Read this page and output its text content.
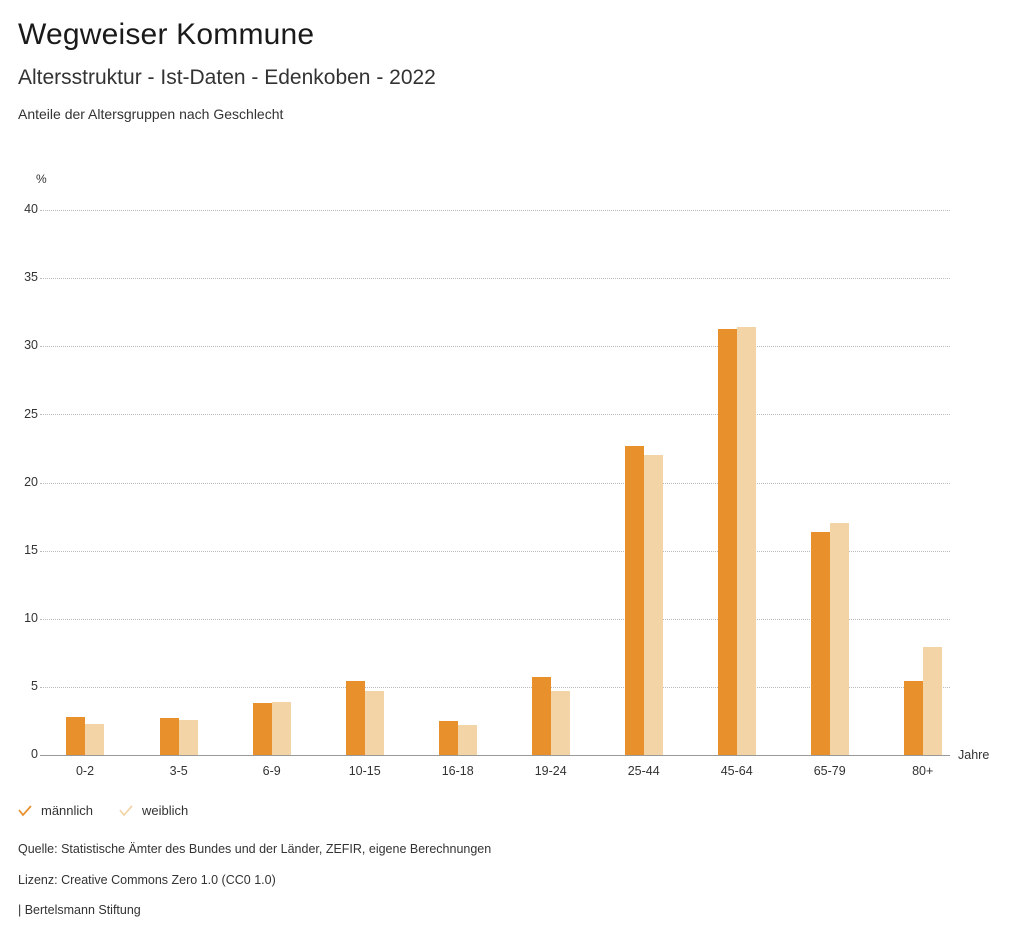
Wegweiser Kommune
Altersstruktur - Ist-Daten - Edenkoben - 2022
Anteile der Altersgruppen nach Geschlecht
%
40
35
30
25
20
15
10
5
0
0-2	3-5	6-9	10-15	16-18	19-24	25-44	45-64	65-79	80+
Jahre
männlich	weiblich
Quelle: Statistische Ämter des Bundes und der Länder, ZEFIR, eigene Berechnungen
Lizenz: Creative Commons Zero 1.0 (CC0 1.0)
| Bertelsmann Stiftung
